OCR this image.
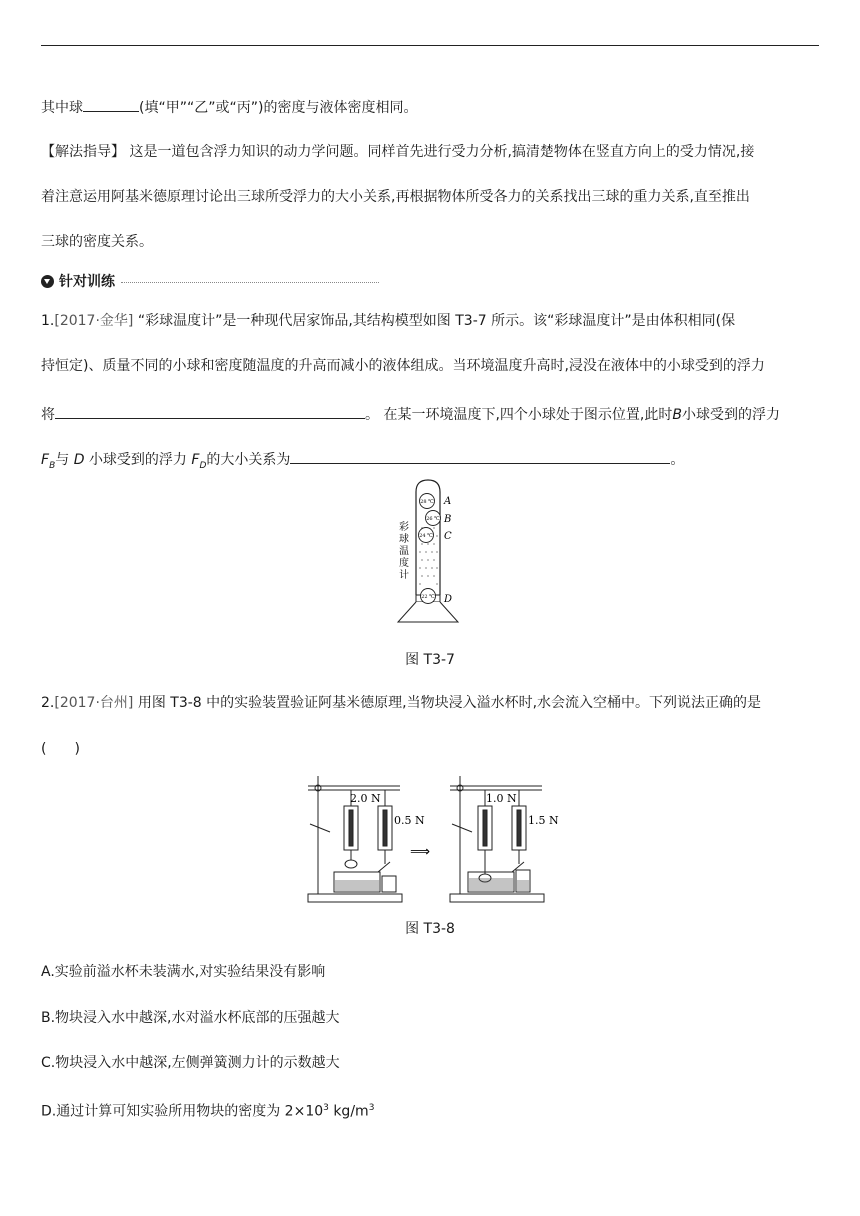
其中球	(填“甲”“乙”或“丙”)的密度与液体密度相同。
【解法指导】 这是一道包含浮力知识的动力学问题。同样首先进行受力分析,搞清楚物体在竖直方向上的受力情况,接
着注意运用阿基米德原理讨论出三球所受浮力的大小关系,再根据物体所受各力的关系找出三球的重力关系,直至推出
三球的密度关系。
针对训练
1.[2017·金华] “彩球温度计”是一种现代居家饰品,其结构模型如图 T3-7 所示。该“彩球温度计”是由体积相同(保
持恒定)、质量不同的小球和密度随温度的升高而减小的液体组成。当环境温度升高时,浸没在液体中的小球受到的浮力
将	。 在某一环境温度下,四个小球处于图示位置,此时B小球受到的浮力
$F_B$与 D 小球受到的浮力 $F_D$的大小关系为	。
28 ℃
26 ℃
24 ℃
22 ℃
A
B
C
D
彩
球
温
度
计
图 T3-7
2.[2017·台州] 用图 T3-8 中的实验装置验证阿基米德原理,当物块浸入溢水杯时,水会流入空桶中。下列说法正确的是
(　　)
2.0 N
0.5 N
1.0 N
1.5 N
⟹
图 T3-8
A.实验前溢水杯未装满水,对实验结果没有影响
B.物块浸入水中越深,水对溢水杯底部的压强越大
C.物块浸入水中越深,左侧弹簧测力计的示数越大
D.通过计算可知实验所用物块的密度为 $2\times 10^3$ $kg/m^3$
